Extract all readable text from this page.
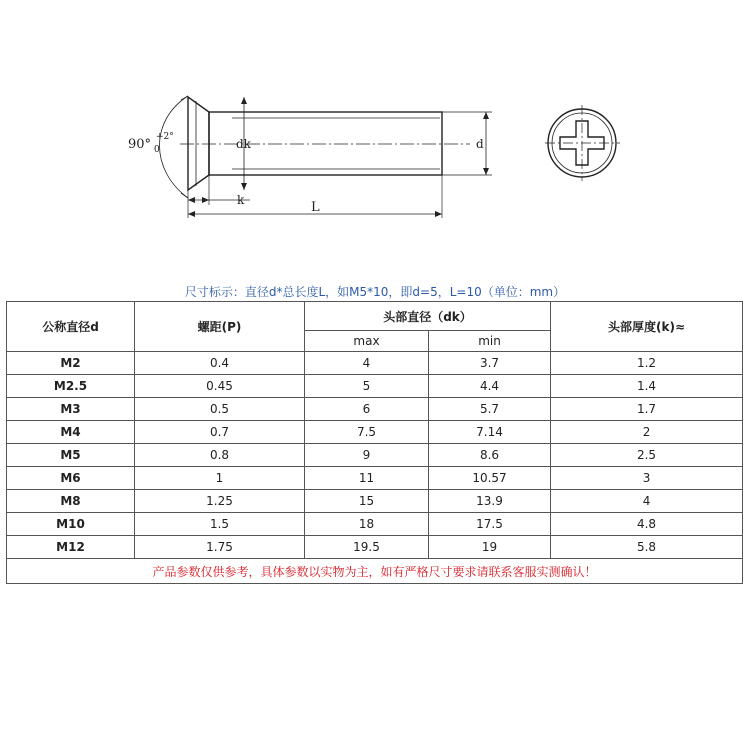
90° +2°
0	dk	d
k	L
尺寸标示：直径d*总长度L，如M5*10，即d=5，L=10（单位：mm）
公称直径d	螺距(P)	头部直径（dk）		头部厚度(k)≈
		max	min	
M2	0.4	4	3.7	1.2
M2.5	0.45	5	4.4	1.4
M3	0.5	6	5.7	1.7
M4	0.7	7.5	7.14	2
M5	0.8	9	8.6	2.5
M6	1	11	10.57	3
M8	1.25	15	13.9	4
M10	1.5	18	17.5	4.8
M12	1.75	19.5	19	5.8
产品参数仅供参考，具体参数以实物为主，如有严格尺寸要求请联系客服实测确认！				
